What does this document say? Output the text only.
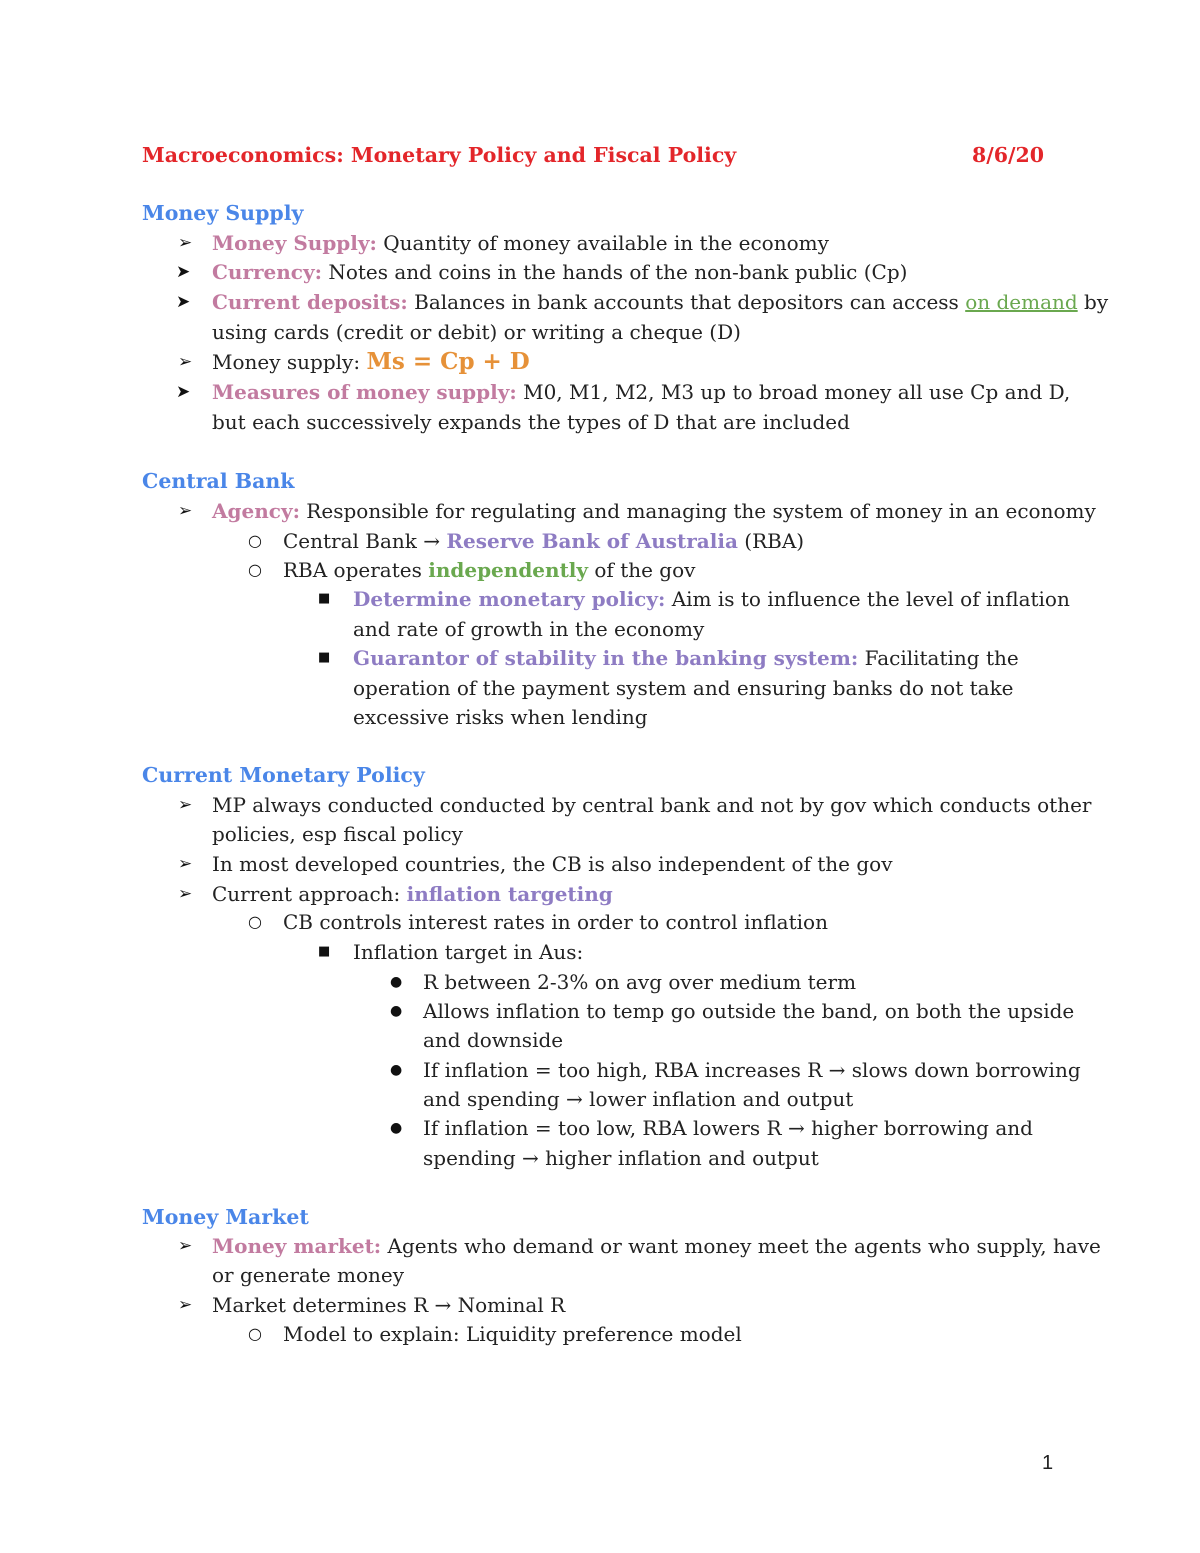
Macroeconomics: Monetary Policy and Fiscal Policy	8/6/20
Money Supply
➢ Money Supply: Quantity of money available in the economy
➤ Currency: Notes and coins in the hands of the non-bank public (Cp)
➤ Current deposits: Balances in bank accounts that depositors can access on demand by
using cards (credit or debit) or writing a cheque (D)
➢ Money supply: Ms = Cp + D
➤ Measures of money supply: M0, M1, M2, M3 up to broad money all use Cp and D,
but each successively expands the types of D that are included
Central Bank
➢ Agency: Responsible for regulating and managing the system of money in an economy
○ Central Bank → Reserve Bank of Australia (RBA)
○ RBA operates independently of the gov
■ Determine monetary policy: Aim is to influence the level of inflation
and rate of growth in the economy
■ Guarantor of stability in the banking system: Facilitating the
operation of the payment system and ensuring banks do not take
excessive risks when lending
Current Monetary Policy
➢ MP always conducted conducted by central bank and not by gov which conducts other
policies, esp fiscal policy
➢ In most developed countries, the CB is also independent of the gov
➢ Current approach: inflation targeting
○ CB controls interest rates in order to control inflation
■ Inflation target in Aus:
● R between 2-3% on avg over medium term
● Allows inflation to temp go outside the band, on both the upside
and downside
● If inflation = too high, RBA increases R → slows down borrowing
and spending → lower inflation and output
● If inflation = too low, RBA lowers R → higher borrowing and
spending → higher inflation and output
Money Market
➢ Money market: Agents who demand or want money meet the agents who supply, have
or generate money
➢ Market determines R → Nominal R
○ Model to explain: Liquidity preference model
1
